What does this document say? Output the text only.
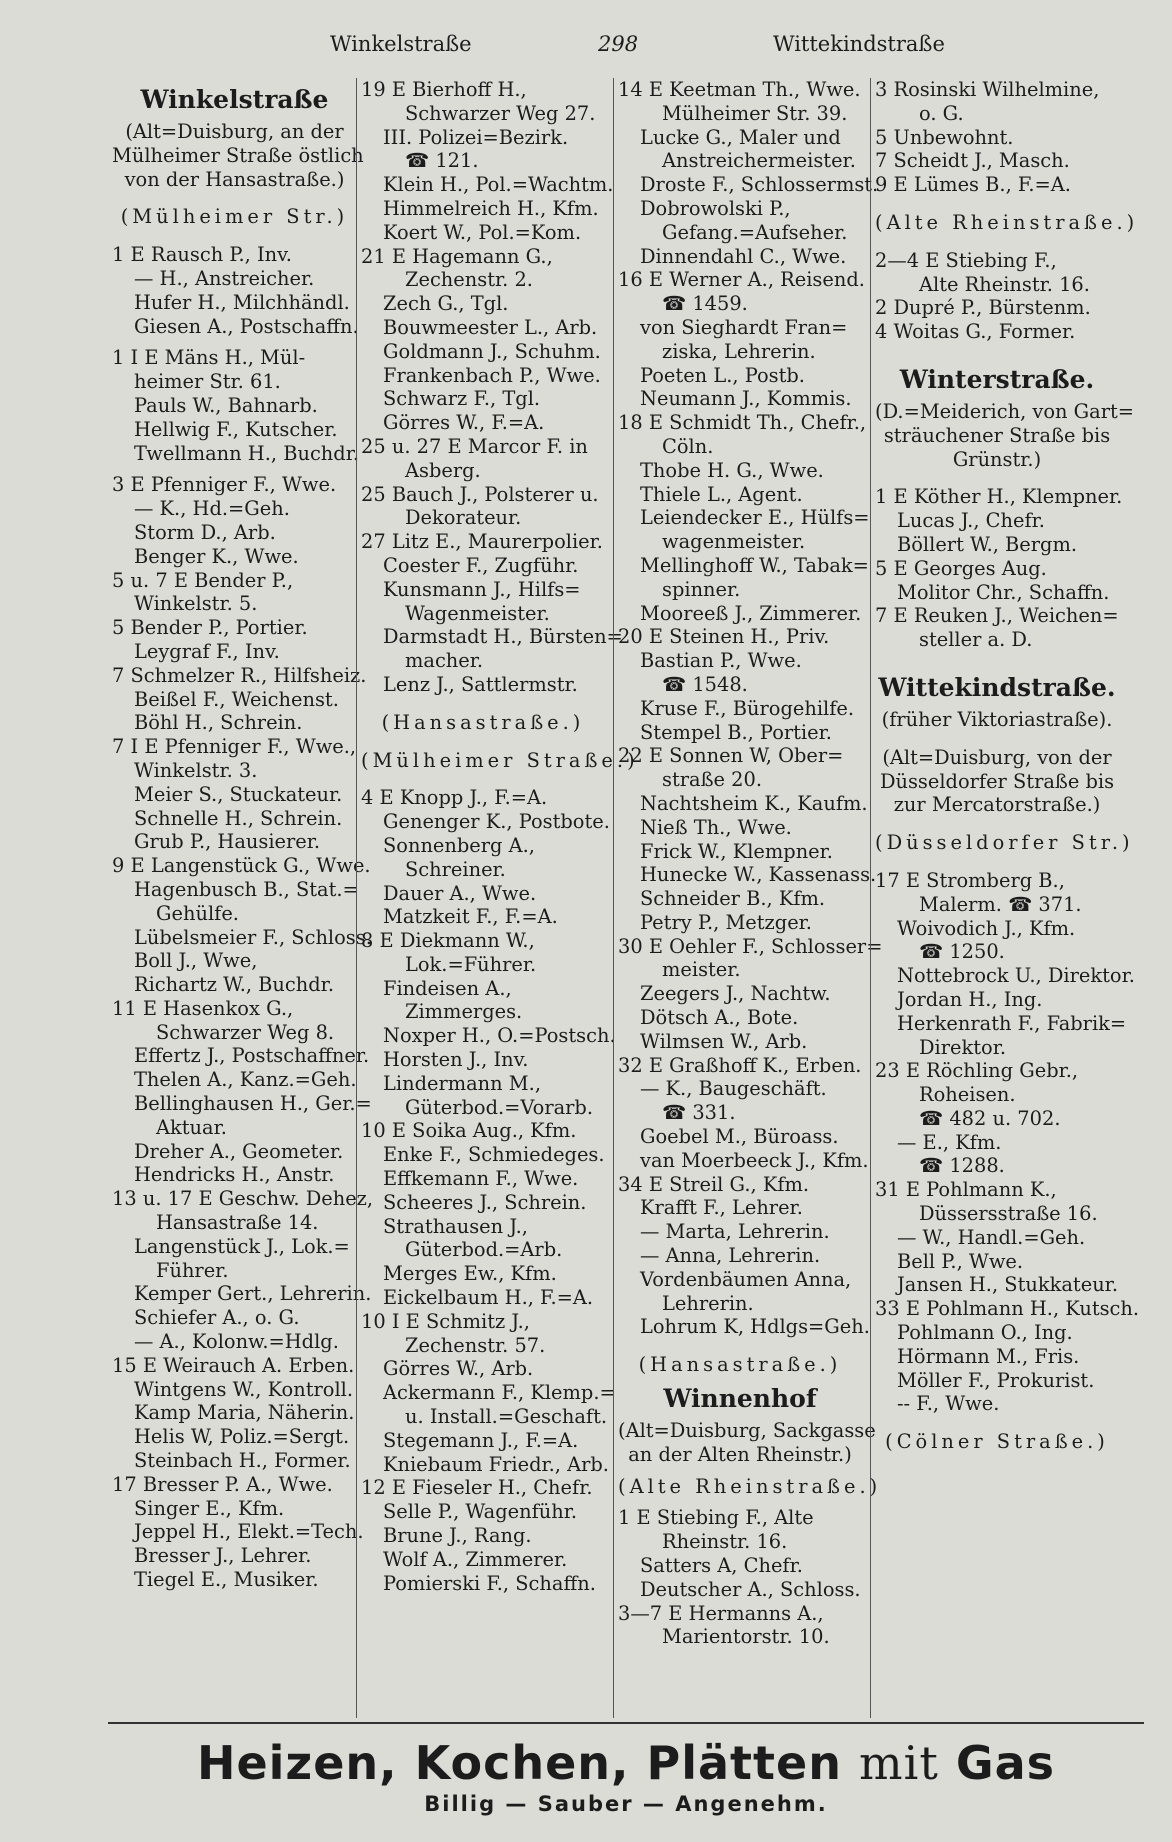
Winkelstraße	298	Wittekindstraße
Winkelstraße
(Alt=Duisburg, an der
Mülheimer Straße östlich
von der Hansastraße.)
(Mülheimer Str.)
1 E Rausch P., Inv.
— H., Anstreicher.
Hufer H., Milchhändl.
Giesen A., Postschaffn.
1 I E Mäns H., Mül-
heimer Str. 61.
Pauls W., Bahnarb.
Hellwig F., Kutscher.
Twellmann H., Buchdr.
3 E Pfenniger F., Wwe.
— K., Hd.=Geh.
Storm D., Arb.
Benger K., Wwe.
5 u. 7 E Bender P.,
Winkelstr. 5.
5 Bender P., Portier.
Leygraf F., Inv.
7 Schmelzer R., Hilfsheiz.
Beißel F., Weichenst.
Böhl H., Schrein.
7 I E Pfenniger F., Wwe.,
Winkelstr. 3.
Meier S., Stuckateur.
Schnelle H., Schrein.
Grub P., Hausierer.
9 E Langenstück G., Wwe.
Hagenbusch B., Stat.=
Gehülfe.
Lübelsmeier F., Schloss.
Boll J., Wwe,
Richartz W., Buchdr.
11 E Hasenkox G.,
Schwarzer Weg 8.
Effertz J., Postschaffner.
Thelen A., Kanz.=Geh.
Bellinghausen H., Ger.=
Aktuar.
Dreher A., Geometer.
Hendricks H., Anstr.
13 u. 17 E Geschw. Dehez,
Hansastraße 14.
Langenstück J., Lok.=
Führer.
Kemper Gert., Lehrerin.
Schiefer A., o. G.
— A., Kolonw.=Hdlg.
15 E Weirauch A. Erben.
Wintgens W., Kontroll.
Kamp Maria, Näherin.
Helis W, Poliz.=Sergt.
Steinbach H., Former.
17 Bresser P. A., Wwe.
Singer E., Kfm.
Jeppel H., Elekt.=Tech.
Bresser J., Lehrer.
Tiegel E., Musiker.
19 E Bierhoff H.,
Schwarzer Weg 27.
III. Polizei=Bezirk.
☎ 121.
Klein H., Pol.=Wachtm.
Himmelreich H., Kfm.
Koert W., Pol.=Kom.
21 E Hagemann G.,
Zechenstr. 2.
Zech G., Tgl.
Bouwmeester L., Arb.
Goldmann J., Schuhm.
Frankenbach P., Wwe.
Schwarz F., Tgl.
Görres W., F.=A.
25 u. 27 E Marcor F. in
Asberg.
25 Bauch J., Polsterer u.
Dekorateur.
27 Litz E., Maurerpolier.
Coester F., Zugführ.
Kunsmann J., Hilfs=
Wagenmeister.
Darmstadt H., Bürsten=
macher.
Lenz J., Sattlermstr.
(Hansastraße.)
(Mülheimer Straße.)
4 E Knopp J., F.=A.
Genenger K., Postbote.
Sonnenberg A.,
Schreiner.
Dauer A., Wwe.
Matzkeit F., F.=A.
8 E Diekmann W.,
Lok.=Führer.
Findeisen A.,
Zimmerges.
Noxper H., O.=Postsch.
Horsten J., Inv.
Lindermann M.,
Güterbod.=Vorarb.
10 E Soika Aug., Kfm.
Enke F., Schmiedeges.
Effkemann F., Wwe.
Scheeres J., Schrein.
Strathausen J.,
Güterbod.=Arb.
Merges Ew., Kfm.
Eickelbaum H., F.=A.
10 I E Schmitz J.,
Zechenstr. 57.
Görres W., Arb.
Ackermann F., Klemp.=
u. Install.=Geschaft.
Stegemann J., F.=A.
Kniebaum Friedr., Arb.
12 E Fieseler H., Chefr.
Selle P., Wagenführ.
Brune J., Rang.
Wolf A., Zimmerer.
Pomierski F., Schaffn.
14 E Keetman Th., Wwe.
Mülheimer Str. 39.
Lucke G., Maler und
Anstreichermeister.
Droste F., Schlossermst.
Dobrowolski P.,
Gefang.=Aufseher.
Dinnendahl C., Wwe.
16 E Werner A., Reisend.
☎ 1459.
von Sieghardt Fran=
ziska, Lehrerin.
Poeten L., Postb.
Neumann J., Kommis.
18 E Schmidt Th., Chefr.,
Cöln.
Thobe H. G., Wwe.
Thiele L., Agent.
Leiendecker E., Hülfs=
wagenmeister.
Mellinghoff W., Tabak=
spinner.
Mooreeß J., Zimmerer.
20 E Steinen H., Priv.
Bastian P., Wwe.
☎ 1548.
Kruse F., Bürogehilfe.
Stempel B., Portier.
22 E Sonnen W, Ober=
straße 20.
Nachtsheim K., Kaufm.
Nieß Th., Wwe.
Frick W., Klempner.
Hunecke W., Kassenass.
Schneider B., Kfm.
Petry P., Metzger.
30 E Oehler F., Schlosser=
meister.
Zeegers J., Nachtw.
Dötsch A., Bote.
Wilmsen W., Arb.
32 E Graßhoff K., Erben.
— K., Baugeschäft.
☎ 331.
Goebel M., Büroass.
van Moerbeeck J., Kfm.
34 E Streil G., Kfm.
Krafft F., Lehrer.
— Marta, Lehrerin.
— Anna, Lehrerin.
Vordenbäumen Anna,
Lehrerin.
Lohrum K, Hdlgs=Geh.
(Hansastraße.)
Winnenhof
(Alt=Duisburg, Sackgasse
an der Alten Rheinstr.)
(Alte Rheinstraße.)
1 E Stiebing F., Alte
Rheinstr. 16.
Satters A, Chefr.
Deutscher A., Schloss.
3—7 E Hermanns A.,
Marientorstr. 10.
3 Rosinski Wilhelmine,
o. G.
5 Unbewohnt.
7 Scheidt J., Masch.
9 E Lümes B., F.=A.
(Alte Rheinstraße.)
2—4 E Stiebing F.,
Alte Rheinstr. 16.
2 Dupré P., Bürstenm.
4 Woitas G., Former.
Winterstraße.
(D.=Meiderich, von Gart=
sträuchener Straße bis
Grünstr.)
1 E Köther H., Klempner.
Lucas J., Chefr.
Böllert W., Bergm.
5 E Georges Aug.
Molitor Chr., Schaffn.
7 E Reuken J., Weichen=
steller a. D.
Wittekindstraße.
(früher Viktoriastraße).
(Alt=Duisburg, von der
Düsseldorfer Straße bis
zur Mercatorstraße.)
(Düsseldorfer Str.)
17 E Stromberg B.,
Malerm. ☎ 371.
Woivodich J., Kfm.
☎ 1250.
Nottebrock U., Direktor.
Jordan H., Ing.
Herkenrath F., Fabrik=
Direktor.
23 E Röchling Gebr.,
Roheisen.
☎ 482 u. 702.
— E., Kfm.
☎ 1288.
31 E Pohlmann K.,
Düssersstraße 16.
— W., Handl.=Geh.
Bell P., Wwe.
Jansen H., Stukkateur.
33 E Pohlmann H., Kutsch.
Pohlmann O., Ing.
Hörmann M., Fris.
Möller F., Prokurist.
-- F., Wwe.
(Cölner Straße.)
Heizen, Kochen, Plätten mit Gas
Billig — Sauber — Angenehm.
